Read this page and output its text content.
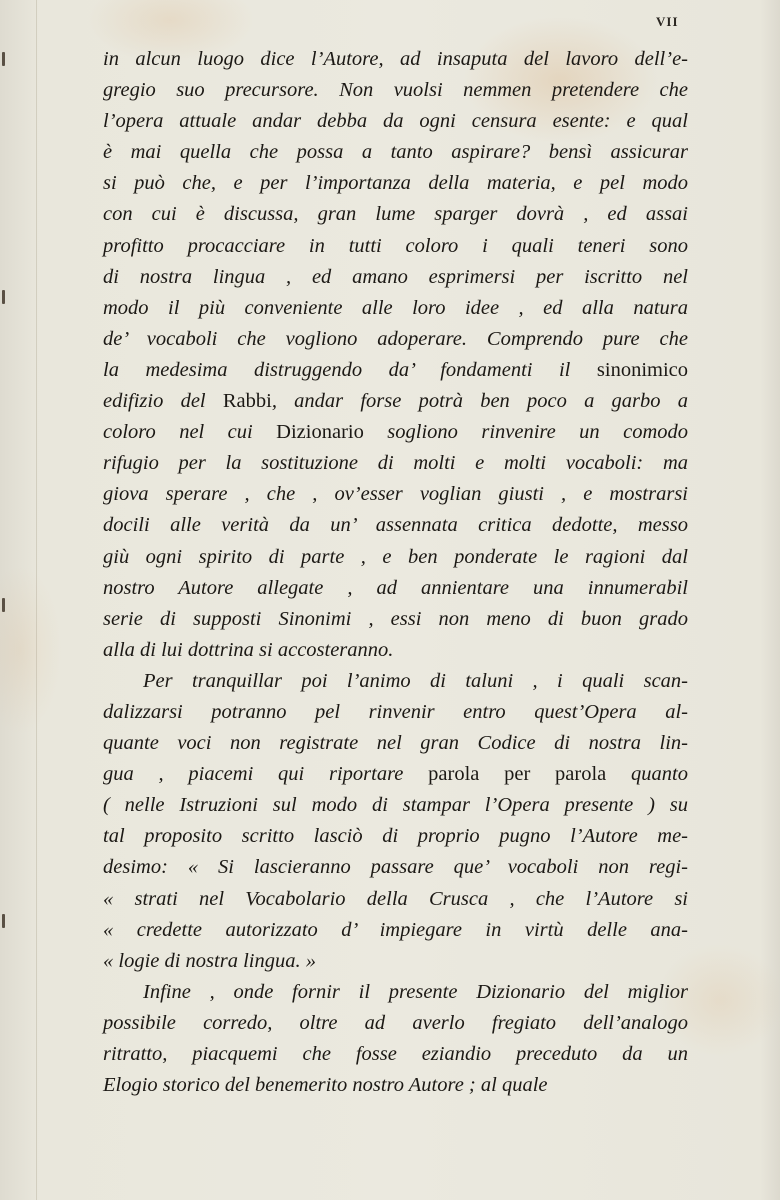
VII
in alcun luogo dice l’Autore, ad insaputa del lavoro dell’e-
gregio suo precursore. Non vuolsi nemmen pretendere che
l’opera attuale andar debba da ogni censura esente: e qual
è mai quella che possa a tanto aspirare? bensì assicurar
si può che, e per l’importanza della materia, e pel modo
con cui è discussa, gran lume sparger dovrà , ed assai
profitto procacciare in tutti coloro i quali teneri sono
di nostra lingua , ed amano esprimersi per iscritto nel
modo il più conveniente alle loro idee , ed alla natura
de’ vocaboli che vogliono adoperare. Comprendo pure che
la medesima distruggendo da’ fondamenti il sinonimico
edifizio del Rabbi, andar forse potrà ben poco a garbo a
coloro nel cui Dizionario sogliono rinvenire un comodo
rifugio per la sostituzione di molti e molti vocaboli: ma
giova sperare , che , ov’esser voglian giusti , e mostrarsi
docili alle verità da un’ assennata critica dedotte, messo
giù ogni spirito di parte , e ben ponderate le ragioni dal
nostro Autore allegate , ad annientare una innumerabil
serie di supposti Sinonimi , essi non meno di buon grado
alla di lui dottrina si accosteranno.
Per tranquillar poi l’animo di taluni , i quali scan-
dalizzarsi potranno pel rinvenir entro quest’Opera al-
quante voci non registrate nel gran Codice di nostra lin-
gua , piacemi qui riportare parola per parola quanto
( nelle Istruzioni sul modo di stampar l’Opera presente ) su
tal proposito scritto lasciò di proprio pugno l’Autore me-
desimo: « Si lascieranno passare que’ vocaboli non regi-
« strati nel Vocabolario della Crusca , che l’Autore si
« credette autorizzato d’ impiegare in virtù delle ana-
« logie di nostra lingua. »
Infine , onde fornir il presente Dizionario del miglior
possibile corredo, oltre ad averlo fregiato dell’analogo
ritratto, piacquemi che fosse eziandio preceduto da un
Elogio storico del benemerito nostro Autore ; al quale
